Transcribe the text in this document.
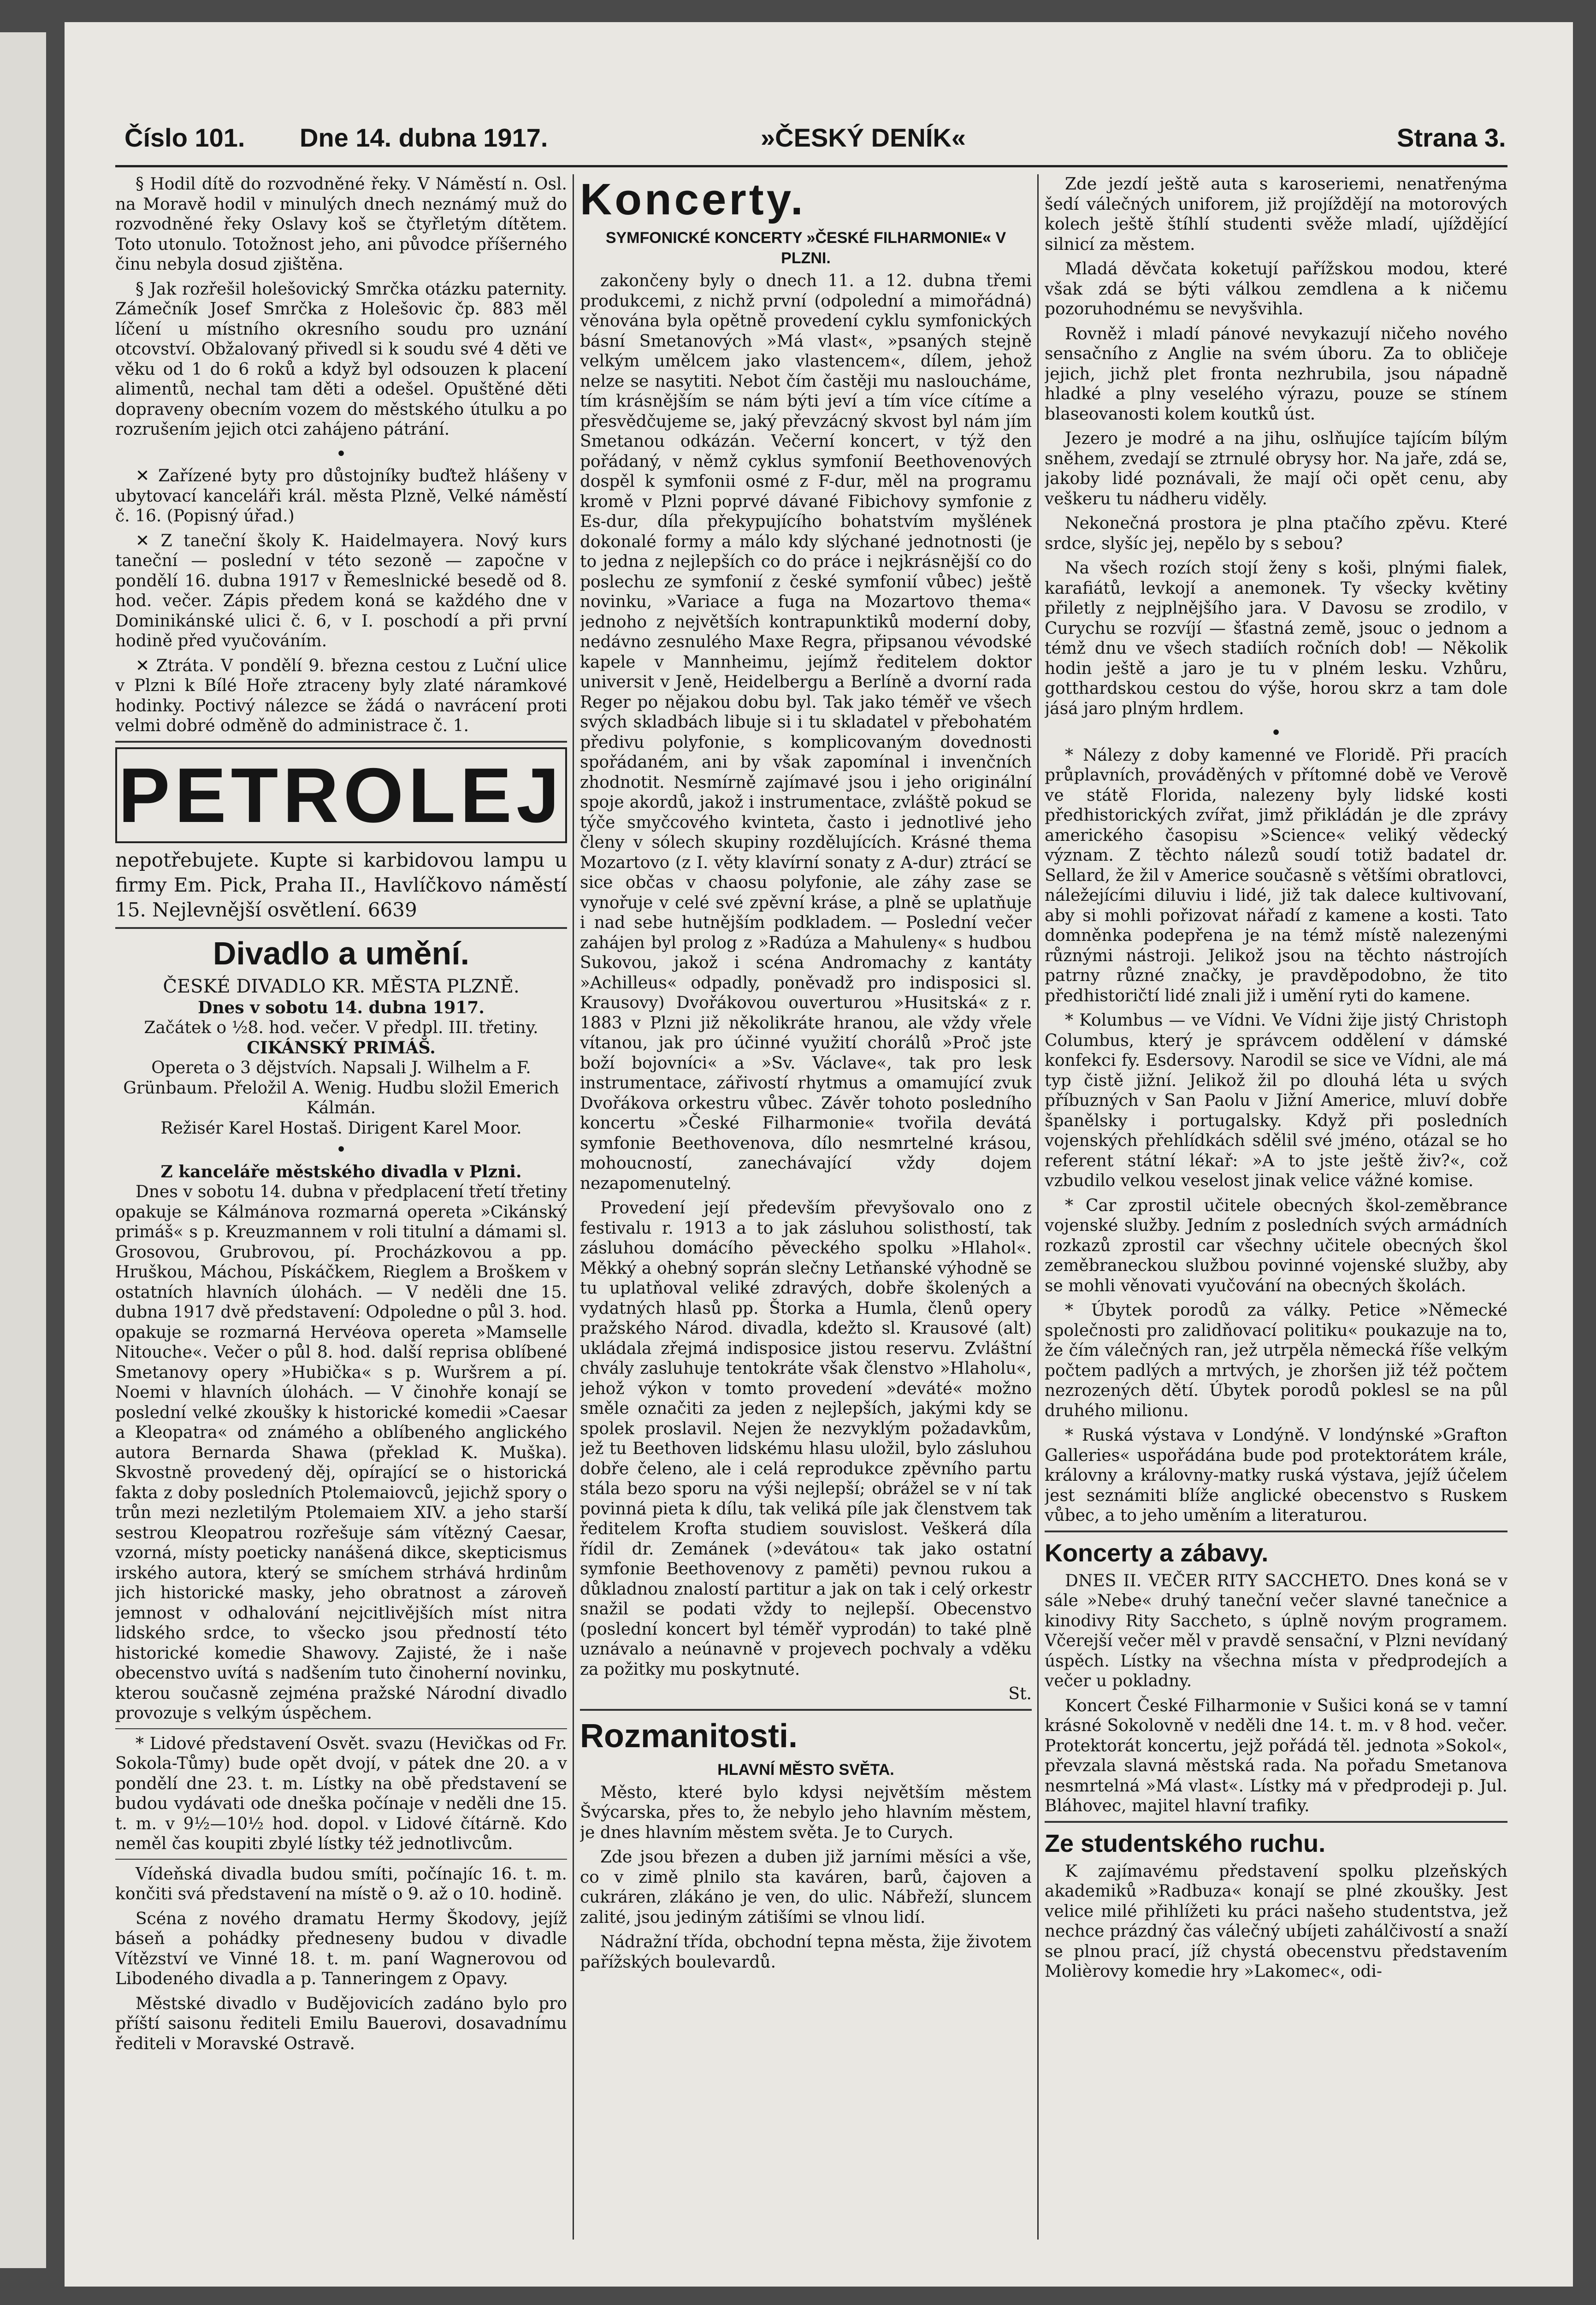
Číslo 101. Dne 14. dubna 1917.	»ČESKÝ DENÍK«	Strana 3.

§ Hodil dítě do rozvodněné řeky. V Náměstí n. Osl. na Moravě hodil v minulých dnech neznámý muž do rozvodněné řeky Oslavy koš se čtyřletým dítětem. Toto utonulo. Totožnost jeho, ani původce příšerného činu nebyla dosud zjištěna.

§ Jak rozřešil holešovický Smrčka otázku paternity. Zámečník Josef Smrčka z Holešovic čp. 883 měl líčení u místního okresního soudu pro uznání otcovství. Obžalovaný přivedl si k soudu své 4 děti ve věku od 1 do 6 roků a když byl odsouzen k placení alimentů, nechal tam děti a odešel. Opuštěné děti dopraveny obecním vozem do městského útulku a po rozrušením jejich otci zahájeno pátrání.

•

✕ Zařízené byty pro důstojníky buďtež hlášeny v ubytovací kanceláři král. města Plzně, Velké náměstí č. 16. (Popisný úřad.)

✕ Z taneční školy K. Haidelmayera. Nový kurs taneční — poslední v této sezoně — započne v pondělí 16. dubna 1917 v Řemeslnické besedě od 8. hod. večer. Zápis předem koná se každého dne v Dominikánské ulici č. 6, v I. poschodí a při první hodině před vyučováním.

✕ Ztráta. V pondělí 9. března cestou z Luční ulice v Plzni k Bílé Hoře ztraceny byly zlaté náramkové hodinky. Poctivý nálezce se žádá o navrácení proti velmi dobré odměně do administrace č. 1.

PETROLEJ
nepotřebujete. Kupte si karbidovou lampu u firmy Em. Pick, Praha II., Havlíčkovo náměstí 15. Nejlevnější osvětlení. 6639
Divadlo a umění.
ČESKÉ DIVADLO KR. MĚSTA PLZNĚ.
Dnes v sobotu 14. dubna 1917.
Začátek o ½8. hod. večer. V předpl. III. třetiny.
CIKÁNSKÝ PRIMÁŠ.
Opereta o 3 dějstvích. Napsali J. Wilhelm a F. Grünbaum. Přeložil A. Wenig. Hudbu složil Emerich Kálmán.
Režisér Karel Hostaš. Dirigent Karel Moor.
•
Z kanceláře městského divadla v Plzni.

Dnes v sobotu 14. dubna v předplacení třetí třetiny opakuje se Kálmánova rozmarná opereta »Cikánský primáš« s p. Kreuzmannem v roli titulní a dámami sl. Grosovou, Grubrovou, pí. Procházkovou a pp. Hruškou, Máchou, Pískáčkem, Rieglem a Broškem v ostatních hlavních úlohách. — V neděli dne 15. dubna 1917 dvě představení: Odpoledne o půl 3. hod. opakuje se rozmarná Hervéova opereta »Mamselle Nitouche«. Večer o půl 8. hod. další reprisa oblíbené Smetanovy opery »Hubička« s p. Wuršrem a pí. Noemi v hlavních úlohách. — V činohře konají se poslední velké zkoušky k historické komedii »Caesar a Kleopatra« od známého a oblíbeného anglického autora Bernarda Shawa (překlad K. Muška). Skvostně provedený děj, opírající se o historická fakta z doby posledních Ptolemaiovců, jejichž spory o trůn mezi nezletilým Ptolemaiem XIV. a jeho starší sestrou Kleopatrou rozřešuje sám vítězný Caesar, vzorná, místy poeticky nanášená dikce, skepticismus irského autora, který se smíchem strhává hrdinům jich historické masky, jeho obratnost a zároveň jemnost v odhalování nejcitlivějších míst nitra lidského srdce, to všecko jsou předností této historické komedie Shawovy. Zajisté, že i naše obecenstvo uvítá s nadšením tuto činoherní novinku, kterou současně zejména pražské Národní divadlo provozuje s velkým úspěchem.

* Lidové představení Osvět. svazu (Hevičkas od Fr. Sokola-Tůmy) bude opět dvojí, v pátek dne 20. a v pondělí dne 23. t. m. Lístky na obě představení se budou vydávati ode dneška počínaje v neděli dne 15. t. m. v 9½—10½ hod. dopol. v Lidové čítárně. Kdo neměl čas koupiti zbylé lístky též jednotlivcům.

Vídeňská divadla budou smíti, počínajíc 16. t. m. končiti svá představení na místě o 9. až o 10. hodině.

Scéna z nového dramatu Hermy Škodovy, jejíž báseň a pohádky předneseny budou v divadle Vítězství ve Vinné 18. t. m. paní Wagnerovou od Libodeného divadla a p. Tanneringem z Opavy.

Městské divadlo v Budějovicích zadáno bylo pro příští saisonu řediteli Emilu Bauerovi, dosavadnímu řediteli v Moravské Ostravě.

Koncerty.
SYMFONICKÉ KONCERTY »ČESKÉ FILHARMONIE« V PLZNI.

zakončeny byly o dnech 11. a 12. dubna třemi produkcemi, z nichž první (odpolední a mimořádná) věnována byla opětně provedení cyklu symfonických básní Smetanových »Má vlast«, »psaných stejně velkým umělcem jako vlastencem«, dílem, jehož nelze se nasytiti. Nebot čím častěji mu nasloucháme, tím krásnějším se nám býti jeví a tím více cítíme a přesvědčujeme se, jaký převzácný skvost byl nám jím Smetanou odkázán. Večerní koncert, v týž den pořádaný, v němž cyklus symfonií Beethovenových dospěl k symfonii osmé z F-dur, měl na programu kromě v Plzni poprvé dávané Fibichovy symfonie z Es-dur, díla překypujícího bohatstvím myšlének dokonalé formy a málo kdy slýchané jednotnosti (je to jedna z nejlepších co do práce i nejkrásnější co do poslechu ze symfonií z české symfonií vůbec) ještě novinku, »Variace a fuga na Mozartovo thema« jednoho z největších kontrapunktiků moderní doby, nedávno zesnulého Maxe Regra, připsanou vévodské kapele v Mannheimu, jejímž ředitelem doktor universit v Jeně, Heidelbergu a Berlíně a dvorní rada Reger po nějakou dobu byl. Tak jako téměř ve všech svých skladbách libuje si i tu skladatel v přebohatém předivu polyfonie, s komplicovaným dovednosti spořádaném, ani by však zapomínal i invenčních zhodnotit. Nesmírně zajímavé jsou i jeho originální spoje akordů, jakož i instrumentace, zvláště pokud se týče smyčcového kvinteta, často i jednotlivé jeho členy v sólech skupiny rozdělujících. Krásné thema Mozartovo (z I. věty klavírní sonaty z A-dur) ztrácí se sice občas v chaosu polyfonie, ale záhy zase se vynořuje v celé své zpěvní kráse, a plně se uplatňuje i nad sebe hutnějším podkladem. — Poslední večer zahájen byl prolog z »Radúza a Mahuleny« s hudbou Sukovou, jakož i scéna Andromachy z kantáty »Achilleus« odpadly, poněvadž pro indisposici sl. Krausovy) Dvořákovou ouverturou »Husitská« z r. 1883 v Plzni již několikráte hranou, ale vždy vřele vítanou, jak pro účinné využití chorálů »Proč jste boží bojovníci« a »Sv. Václave«, tak pro lesk instrumentace, zářivostí rhytmus a omamující zvuk Dvořákova orkestru vůbec. Závěr tohoto posledního koncertu »České Filharmonie« tvořila devátá symfonie Beethovenova, dílo nesmrtelné krásou, mohoucností, zanechávající vždy dojem nezapomenutelný.

Provedení její především převyšovalo ono z festivalu r. 1913 a to jak zásluhou solisthostí, tak zásluhou domácího pěveckého spolku »Hlahol«. Měkký a ohebný soprán slečny Letňanské výhodně se tu uplatňoval veliké zdravých, dobře školených a vydatných hlasů pp. Štorka a Humla, členů opery pražského Národ. divadla, kdežto sl. Krausové (alt) ukládala zřejmá indisposice jistou reservu. Zvláštní chvály zasluhuje tentokráte však členstvo »Hlaholu«, jehož výkon v tomto provedení »deváté« možno směle označiti za jeden z nejlepších, jakými kdy se spolek proslavil. Nejen že nezvyklým požadavkům, jež tu Beethoven lidskému hlasu uložil, bylo zásluhou dobře čeleno, ale i celá reprodukce zpěvního partu stála bezo sporu na výši nejlepší; obrážel se v ní tak povinná pieta k dílu, tak veliká píle jak členstvem tak ředitelem Krofta studiem souvislost. Veškerá díla řídil dr. Zemánek (»devátou« tak jako ostatní symfonie Beethovenovy z paměti) pevnou rukou a důkladnou znalostí partitur a jak on tak i celý orkestr snažil se podati vždy to nejlepší. Obecenstvo (poslední koncert byl téměř vyprodán) to také plně uznávalo a neúnavně v projevech pochvaly a vděku za požitky mu poskytnuté.

St.
Rozmanitosti.
HLAVNÍ MĚSTO SVĚTA.

Město, které bylo kdysi největším městem Švýcarska, přes to, že nebylo jeho hlavním městem, je dnes hlavním městem světa. Je to Curych.

Zde jsou březen a duben již jarními měsíci a vše, co v zimě plnilo sta kaváren, barů, čajoven a cukráren, zlákáno je ven, do ulic. Nábřeží, sluncem zalité, jsou jediným zátišími se vlnou lidí.

Nádražní třída, obchodní tepna města, žije životem pařížských boulevardů.

Zde jezdí ještě auta s karoseriemi, nenatřenýma šedí válečných uniforem, již projíždějí na motorových kolech ještě štíhlí studenti svěže mladí, ujíždějící silnicí za městem.

Mladá děvčata koketují pařížskou modou, které však zdá se býti válkou zemdlena a k ničemu pozoruhodnému se nevyšvihla.

Rovněž i mladí pánové nevykazují ničeho nového sensačního z Anglie na svém úboru. Za to obličeje jejich, jichž plet fronta nezhrubila, jsou nápadně hladké a plny veselého výrazu, pouze se stínem blaseovanosti kolem koutků úst.

Jezero je modré a na jihu, oslňujíce tajícím bílým sněhem, zvedají se ztrnulé obrysy hor. Na jaře, zdá se, jakoby lidé poznávali, že mají oči opět cenu, aby veškeru tu nádheru viděly.

Nekonečná prostora je plna ptačího zpěvu. Které srdce, slyšíc jej, nepělo by s sebou?

Na všech rozích stojí ženy s koši, plnými fialek, karafiátů, levkojí a anemonek. Ty všecky květiny přiletly z nejplnějšího jara. V Davosu se zrodilo, v Curychu se rozvíjí — šťastná země, jsouc o jednom a témž dnu ve všech stadiích ročních dob! — Několik hodin ještě a jaro je tu v plném lesku. Vzhůru, gotthardskou cestou do výše, horou skrz a tam dole jásá jaro plným hrdlem.

•

* Nálezy z doby kamenné ve Floridě. Při pracích průplavních, prováděných v přítomné době ve Verově ve státě Florida, nalezeny byly lidské kosti předhistorických zvířat, jimž přikládán je dle zprávy amerického časopisu »Science« veliký vědecký význam. Z těchto nálezů soudí totiž badatel dr. Sellard, že žil v Americe současně s většími obratlovci, náležejícími diluviu i lidé, již tak dalece kultivovaní, aby si mohli pořizovat nářadí z kamene a kosti. Tato domněnka podepřena je na témž místě nalezenými různými nástroji. Jelikož jsou na těchto nástrojích patrny různé značky, je pravděpodobno, že tito předhistoričtí lidé znali již i umění ryti do kamene.

* Kolumbus — ve Vídni. Ve Vídni žije jistý Christoph Columbus, který je správcem oddělení v dámské konfekci fy. Esdersovy. Narodil se sice ve Vídni, ale má typ čistě jižní. Jelikož žil po dlouhá léta u svých příbuzných v San Paolu v Jižní Americe, mluví dobře španělsky i portugalsky. Když při posledních vojenských přehlídkách sdělil své jméno, otázal se ho referent státní lékař: »A to jste ještě živ?«, což vzbudilo velkou veselost jinak velice vážné komise.

* Car zprostil učitele obecných škol-zeměbrance vojenské služby. Jedním z posledních svých armádních rozkazů zprostil car všechny učitele obecných škol zeměbraneckou službou povinné vojenské služby, aby se mohli věnovati vyučování na obecných školách.

* Úbytek porodů za války. Petice »Německé společnosti pro zalidňovací politiku« poukazuje na to, že čím válečných ran, jež utrpěla německá říše velkým počtem padlých a mrtvých, je zhoršen již též počtem nezrozených dětí. Úbytek porodů poklesl se na půl druhého milionu.

* Ruská výstava v Londýně. V londýnské »Grafton Galleries« uspořádána bude pod protektorátem krále, královny a královny-matky ruská výstava, jejíž účelem jest seznámiti blíže anglické obecenstvo s Ruskem vůbec, a to jeho uměním a literaturou.

Koncerty a zábavy.

DNES II. VEČER RITY SACCHETO. Dnes koná se v sále »Nebe« druhý taneční večer slavné tanečnice a kinodivy Rity Saccheto, s úplně novým programem. Včerejší večer měl v pravdě sensační, v Plzni nevídaný úspěch. Lístky na všechna místa v předprodejích a večer u pokladny.

Koncert České Filharmonie v Sušici koná se v tamní krásné Sokolovně v neděli dne 14. t. m. v 8 hod. večer. Protektorát koncertu, jejž pořádá těl. jednota »Sokol«, převzala slavná městská rada. Na pořadu Smetanova nesmrtelná »Má vlast«. Lístky má v předprodeji p. Jul. Bláhovec, majitel hlavní trafiky.

Ze studentského ruchu.

K zajímavému představení spolku plzeňských akademiků »Radbuza« konají se plné zkoušky. Jest velice milé přihlížeti ku práci našeho studentstva, jež nechce prázdný čas válečný ubíjeti zahálčivostí a snaží se plnou prací, jíž chystá obecenstvu představením Molièrovy komedie hry »Lakomec«, odi-
